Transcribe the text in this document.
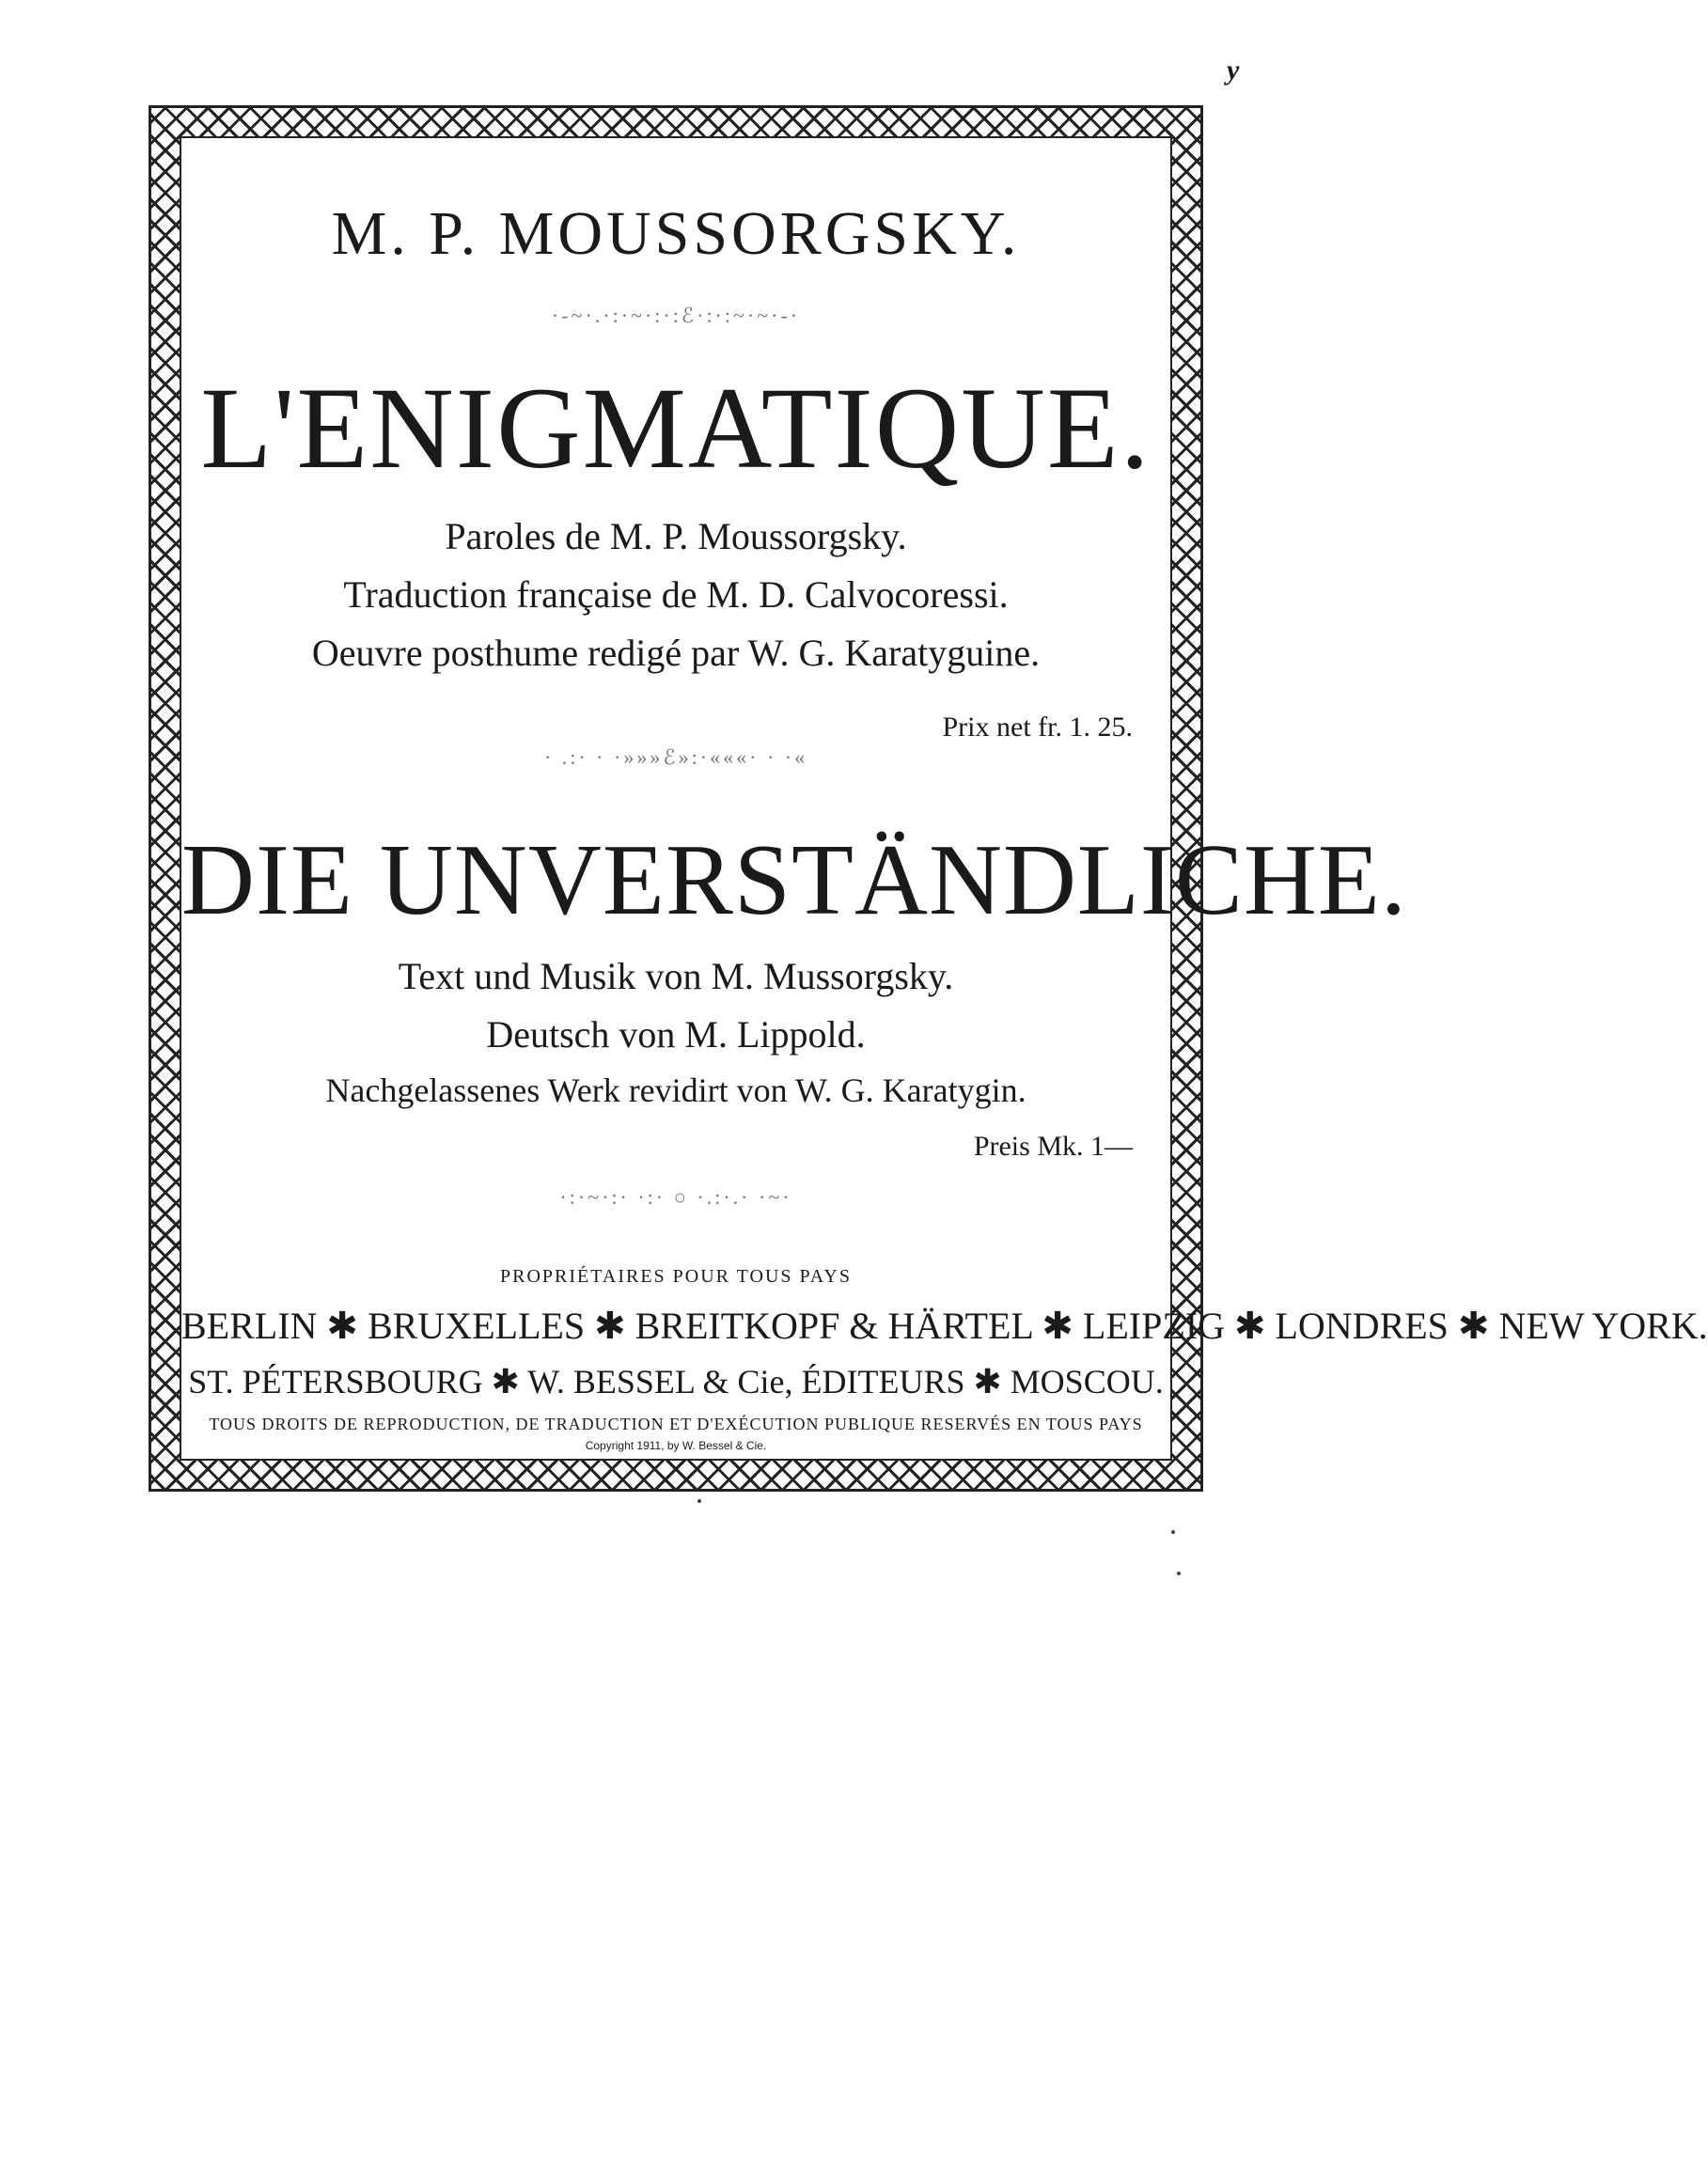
y
M. P. MOUSSORGSKY.
·-~·.·:·~·:·:ℰ·:·:~·~·-·
L'ENIGMATIQUE.
Paroles de M. P. Moussorgsky.
Traduction française de M. D. Calvocoressi.
Oeuvre posthume redigé par W. G. Karatyguine.
Prix net fr. 1. 25.
· .:· · ·»»»ℰ»:·«««· · ·«
DIE UNVERSTÄNDLICHE.
Text und Musik von M. Mussorgsky.
Deutsch von M. Lippold.
Nachgelassenes Werk revidirt von W. G. Karatygin.
Preis Mk. 1—
·:·~·:· ·:· ○ ·.:·.· ·~·
PROPRIÉTAIRES POUR TOUS PAYS
BERLIN ✱ BRUXELLES ✱ BREITKOPF & HÄRTEL ✱ LEIPZIG ✱ LONDRES ✱ NEW YORK.
ST. PÉTERSBOURG ✱ W. BESSEL & Cie, ÉDITEURS ✱ MOSCOU.
TOUS DROITS DE REPRODUCTION, DE TRADUCTION ET D'EXÉCUTION PUBLIQUE RESERVÉS EN TOUS PAYS
Copyright 1911, by W. Bessel & Cie.
